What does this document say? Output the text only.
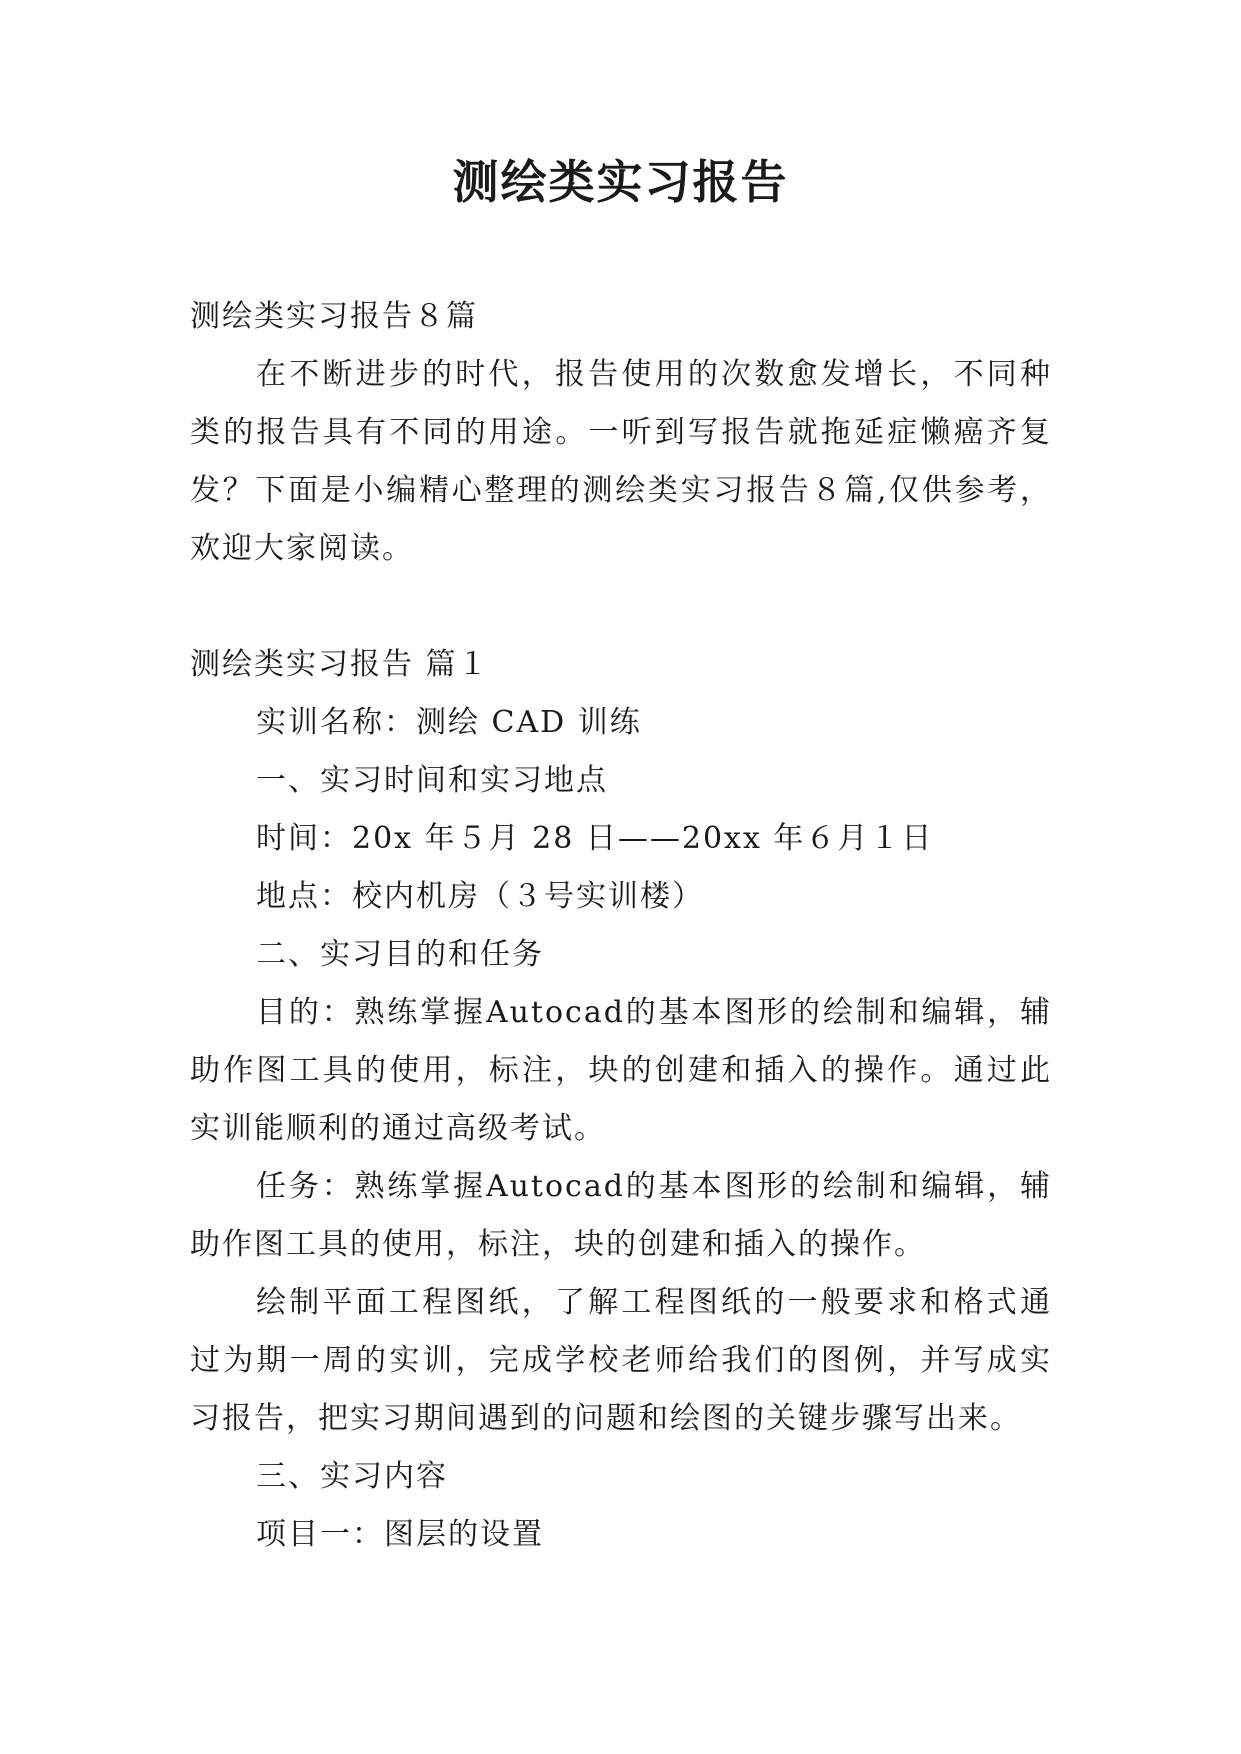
测绘类实习报告

测绘类实习报告８篇

在不断进步的时代，报告使用的次数愈发增长，不同种类的报告具有不同的用途。一听到写报告就拖延症懒癌齐复发？下面是小编精心整理的测绘类实习报告８篇,仅供参考，欢迎大家阅读。

测绘类实习报告 篇１

实训名称：测绘 CAD 训练

一、实习时间和实习地点

时间：20x 年５月 28 日——20xx 年６月１日

地点：校内机房（３号实训楼）

二、实习目的和任务

目的：熟练掌握Autocad的基本图形的绘制和编辑，辅助作图工具的使用，标注，块的创建和插入的操作。通过此实训能顺利的通过高级考试。

任务：熟练掌握Autocad的基本图形的绘制和编辑，辅助作图工具的使用，标注，块的创建和插入的操作。

绘制平面工程图纸，了解工程图纸的一般要求和格式通过为期一周的实训，完成学校老师给我们的图例，并写成实习报告，把实习期间遇到的问题和绘图的关键步骤写出来。

三、实习内容

项目一：图层的设置
